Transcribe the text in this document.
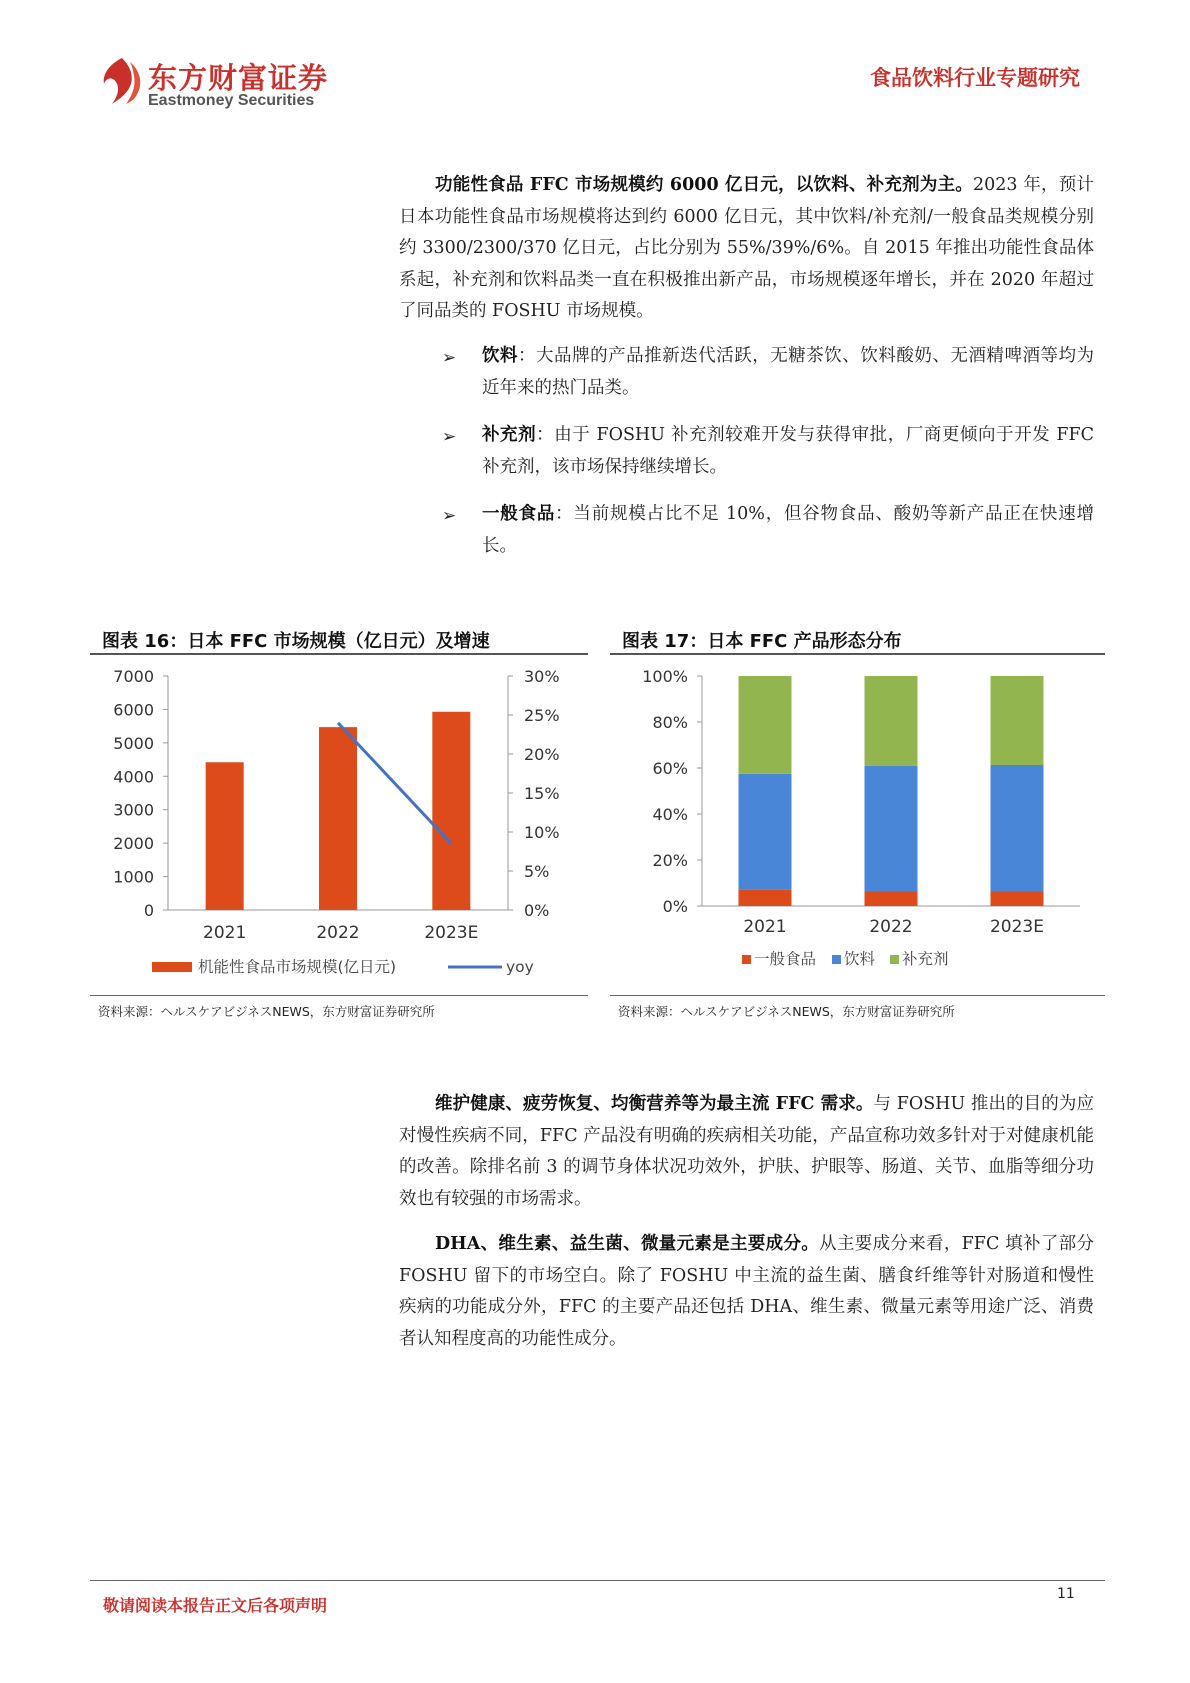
东方财富证券
Eastmoney Securities
食品饮料行业专题研究

功能性食品 FFC 市场规模约 6000 亿日元，以饮料、补充剂为主。2023 年，预计日本功能性食品市场规模将达到约 6000 亿日元，其中饮料/补充剂/一般食品类规模分别约 3300/2300/370 亿日元，占比分别为 55%/39%/6%。自 2015 年推出功能性食品体系起，补充剂和饮料品类一直在积极推出新产品，市场规模逐年增长，并在 2020 年超过了同品类的 FOSHU 市场规模。

➢ 饮料：大品牌的产品推新迭代活跃，无糖茶饮、饮料酸奶、无酒精啤酒等均为近年来的热门品类。

➢ 补充剂：由于 FOSHU 补充剂较难开发与获得审批，厂商更倾向于开发 FFC 补充剂，该市场保持继续增长。

➢ 一般食品：当前规模占比不足 10%，但谷物食品、酸奶等新产品正在快速增长。

图表 16：日本 FFC 市场规模（亿日元）及增速
0
1000
2000
3000
4000
5000
6000
7000
0%
5%
10%
15%
20%
25%
30%
2021	2022	2023E
机能性食品市场规模(亿日元)	yoy
资料来源：ヘルスケアビジネスNEWS，东方财富证券研究所
图表 17：日本 FFC 产品形态分布
0%
20%
40%
60%
80%
100%
2021	2022	2023E
一般食品 饮料 补充剂
资料来源：ヘルスケアビジネスNEWS，东方财富证券研究所

维护健康、疲劳恢复、均衡营养等为最主流 FFC 需求。与 FOSHU 推出的目的为应对慢性疾病不同，FFC 产品没有明确的疾病相关功能，产品宣称功效多针对于对健康机能的改善。除排名前 3 的调节身体状况功效外，护肤、护眼等、肠道、关节、血脂等细分功效也有较强的市场需求。

DHA、维生素、益生菌、微量元素是主要成分。从主要成分来看，FFC 填补了部分 FOSHU 留下的市场空白。除了 FOSHU 中主流的益生菌、膳食纤维等针对肠道和慢性疾病的功能成分外，FFC 的主要产品还包括 DHA、维生素、微量元素等用途广泛、消费者认知程度高的功能性成分。

敬请阅读本报告正文后各项声明
11
